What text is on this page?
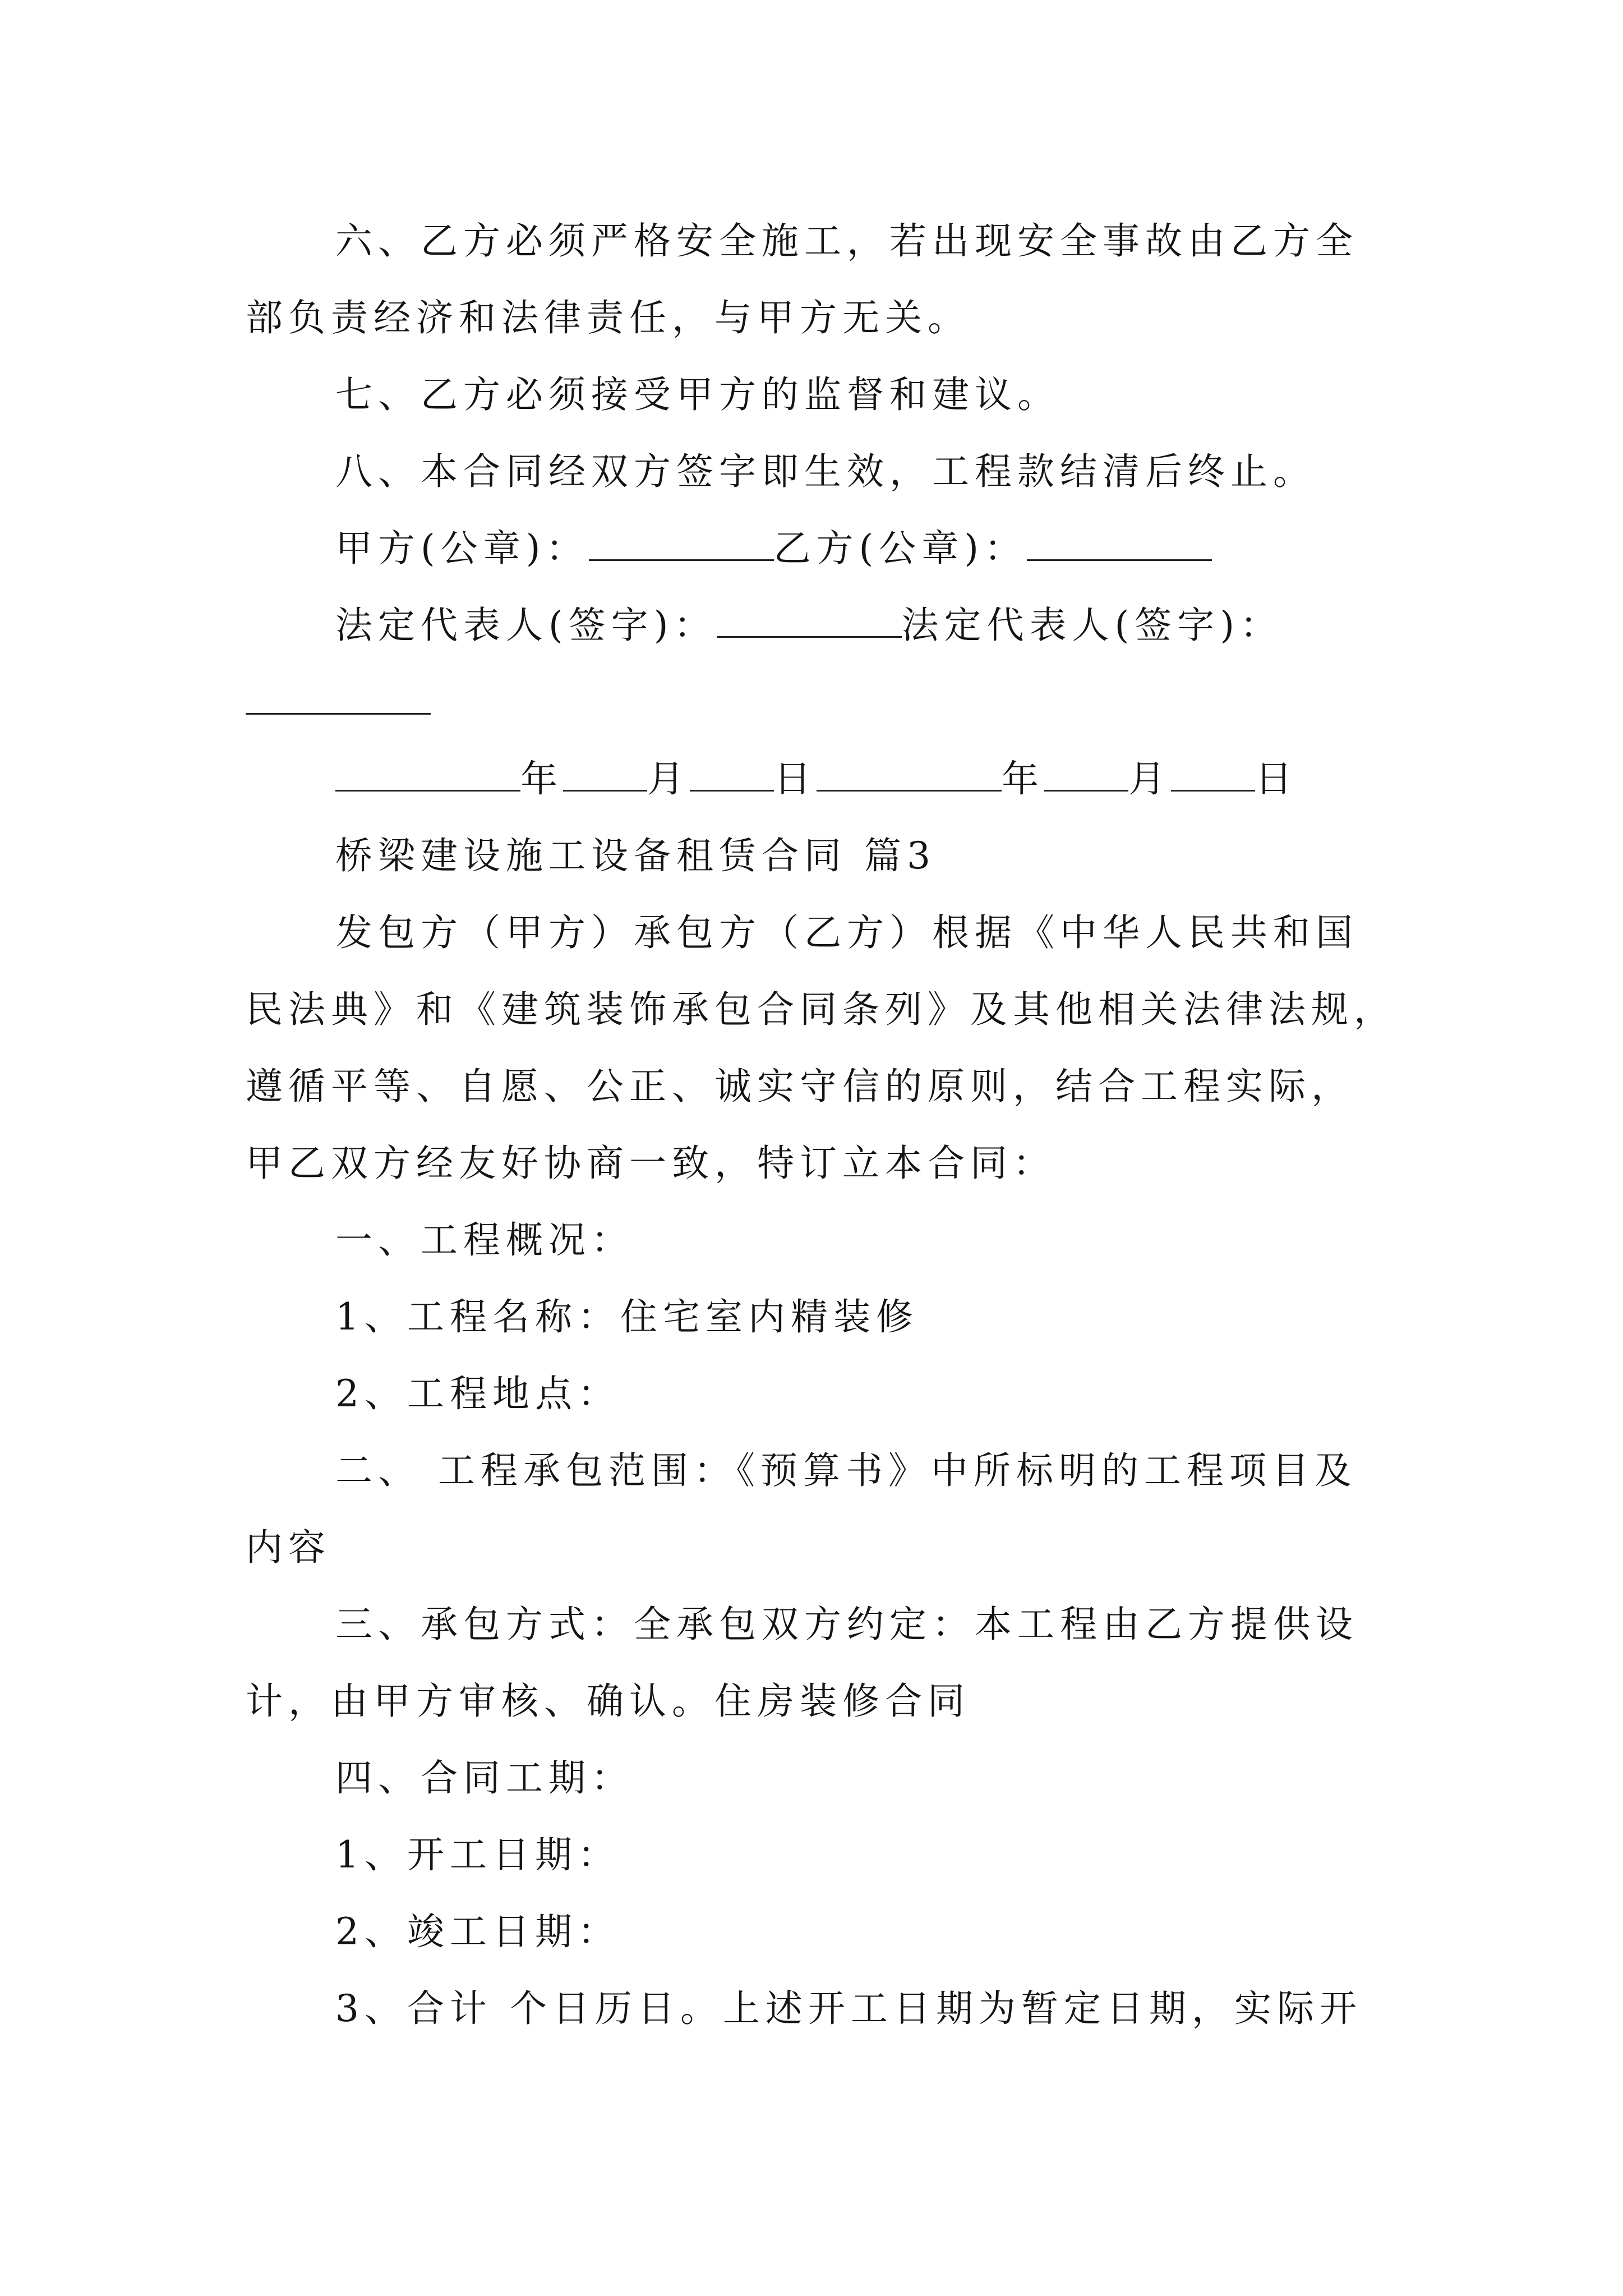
六、乙方必须严格安全施工，若出现安全事故由乙方全
部负责经济和法律责任，与甲方无关。
七、乙方必须接受甲方的监督和建议。
八、本合同经双方签字即生效，工程款结清后终止。
甲方(公章)：	乙方(公章)：
法定代表人(签字)：	法定代表人(签字)：
年 月 日	年 月 日
桥梁建设施工设备租赁合同 篇3
发包方（甲方）承包方（乙方）根据《中华人民共和国
民法典》和《建筑装饰承包合同条列》及其他相关法律法规，
遵循平等、自愿、公正、诚实守信的原则，结合工程实际，
甲乙双方经友好协商一致，特订立本合同：
一、工程概况：
1、工程名称：住宅室内精装修
2、工程地点：
二、 工程承包范围：《预算书》中所标明的工程项目及
内容
三、承包方式：全承包双方约定：本工程由乙方提供设
计，由甲方审核、确认。住房装修合同
四、合同工期：
1、开工日期：
2、竣工日期：
3、合计 个日历日。上述开工日期为暂定日期，实际开
